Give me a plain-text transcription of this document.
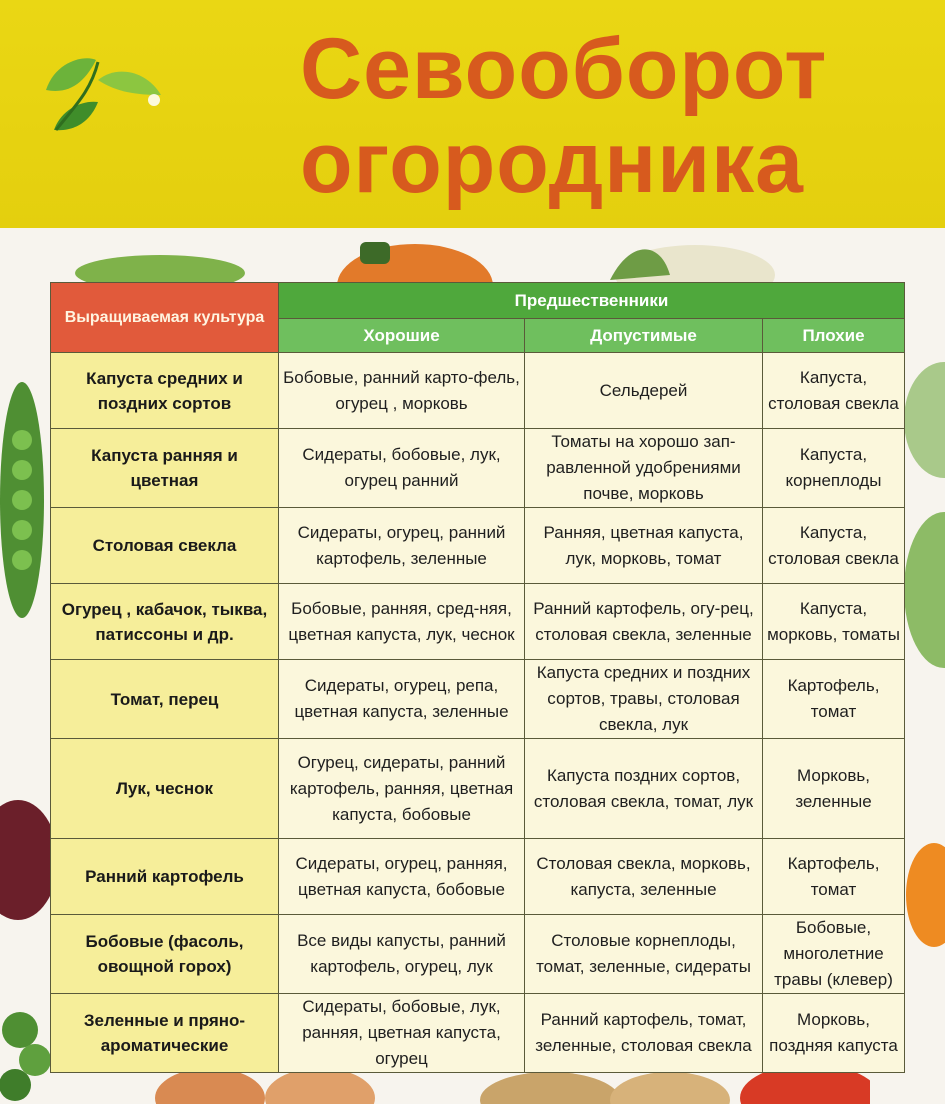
Севооборот
огородника
Выращиваемая культура	Предшественники		
	Хорошие	Допустимые	Плохие
Капуста средних и поздних сортов	Бобовые, ранний карто-фель, огурец , морковь	Сельдерей	Капуста, столовая свекла
Капуста ранняя и цветная	Сидераты, бобовые, лук, огурец ранний	Томаты на хорошо зап-равленной удобрениями почве, морковь	Капуста, корнеплоды
Столовая свекла	Сидераты, огурец, ранний картофель, зеленные	Ранняя, цветная капуста, лук, морковь, томат	Капуста, столовая свекла
Огурец , кабачок, тыква, патиссоны и др.	Бобовые, ранняя, сред-няя, цветная капуста, лук, чеснок	Ранний картофель, огу-рец, столовая свекла, зеленные	Капуста, морковь, томаты
Томат, перец	Сидераты, огурец, репа, цветная капуста, зеленные	Капуста средних и поздних сортов, травы, столовая свекла, лук	Картофель, томат
Лук, чеснок	Огурец, сидераты, ранний картофель, ранняя, цветная капуста, бобовые	Капуста поздних сортов, столовая свекла, томат, лук	Морковь, зеленные
Ранний картофель	Сидераты, огурец, ранняя, цветная капуста, бобовые	Столовая свекла, морковь, капуста, зеленные	Картофель, томат
Бобовые (фасоль, овощной горох)	Все виды капусты, ранний картофель, огурец, лук	Столовые корнеплоды, томат, зеленные, сидераты	Бобовые, многолетние травы (клевер)
Зеленные и пряно-ароматические	Сидераты, бобовые, лук, ранняя, цветная капуста, огурец	Ранний картофель, томат, зеленные, столовая свекла	Морковь, поздняя капуста
